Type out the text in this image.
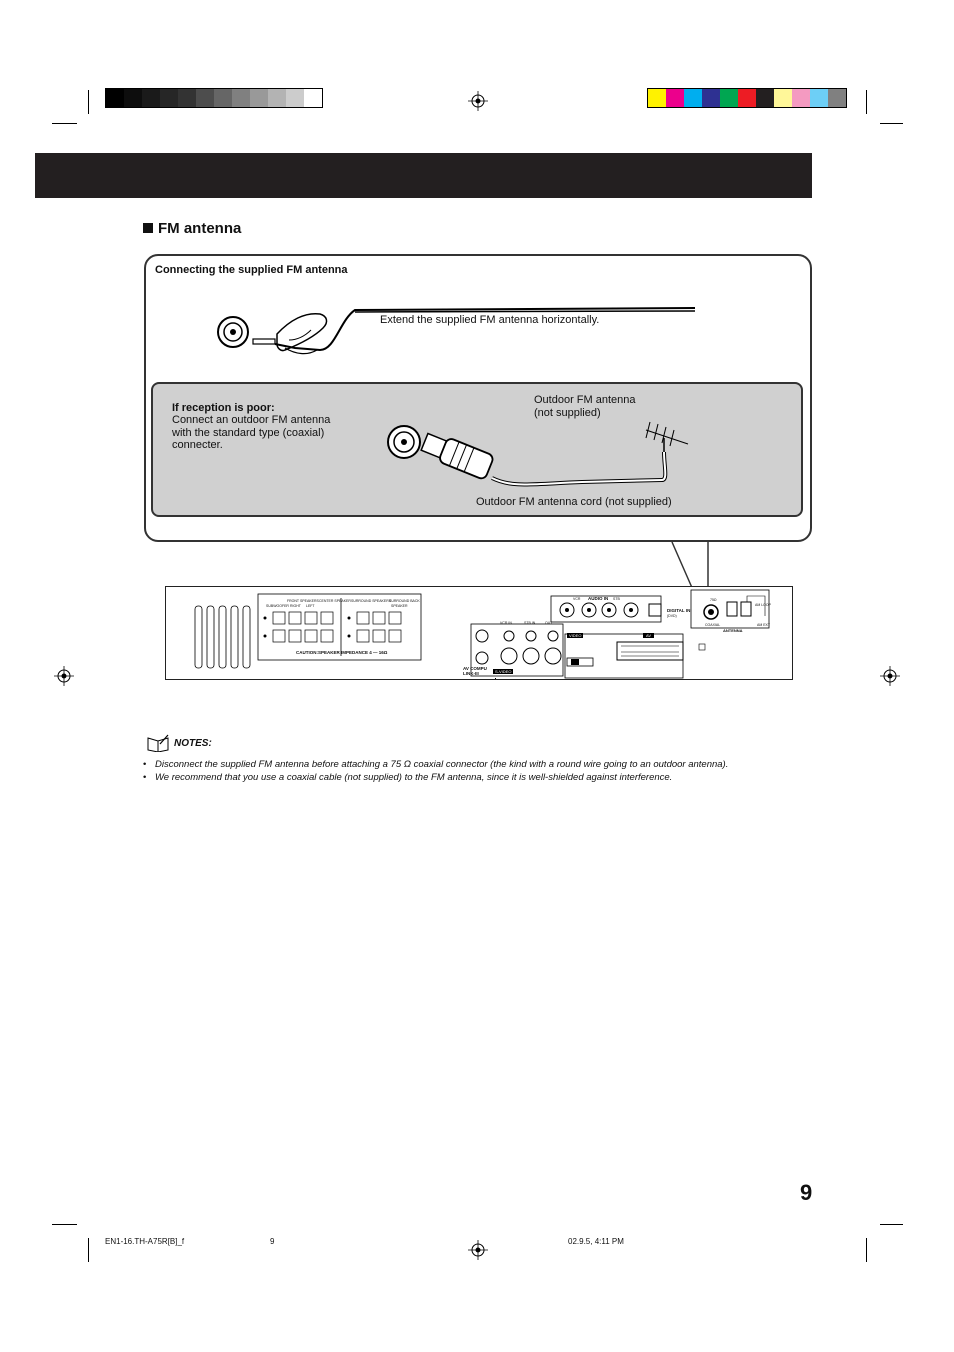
FM antenna
Connecting the supplied FM antenna
Extend the supplied FM antenna horizontally.
If reception is poor:
Connect an outdoor FM antenna with the standard type (coaxial) connecter.
Outdoor FM antenna (not supplied)
Outdoor FM antenna cord (not supplied)
FRONT SPEAKERS CENTER SPEAKER
SUBWOOFER RIGHT LEFT
SURROUND SPEAKERS
SURROUND BACK
SPEAKER
CAUTION:SPEAKER IMPEDANCE 4 — 16Ω
VCR AUDIO IN STB
DIGITAL IN
(DVD)
VCR IN	STB IN	OUT
VIDEO	AV
AV COMPU LINK-III	S-VIDEO
75Ω
COAXIAL
AM LOOP
AM EXT
ANTENNA
NOTES:
• Disconnect the supplied FM antenna before attaching a 75 Ω coaxial connector (the kind with a round wire going to an outdoor antenna).
• We recommend that you use a coaxial cable (not supplied) to the FM antenna, since it is well-shielded against interference.
9
EN1-16.TH-A75R[B]_f	9	02.9.5, 4:11 PM
